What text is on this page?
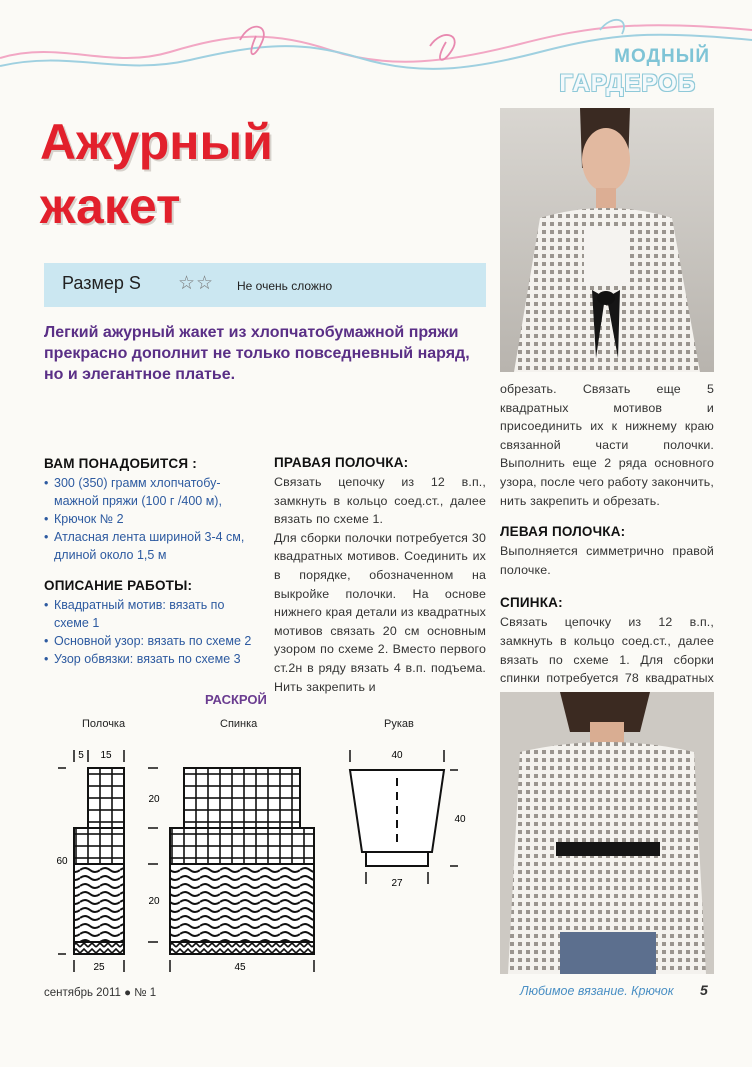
МОДНЫЙ
ГАРДЕРОБ
Ажурный
жакет
Размер S ☆☆ Не очень сложно
Легкий ажурный жакет из хлопчатобумажной пряжи прекрасно дополнит не только повседневный наряд, но и элегантное платье.
ВАМ ПОНАДОБИТСЯ :
• 300 (350) грамм хлопчатобу- мажной пряжи (100 г /400 м),
• Крючок № 2
• Атласная лента шириной 3-4 см, длиной около 1,5 м
ОПИСАНИЕ РАБОТЫ:
• Квадратный мотив: вязать по схеме 1
• Основной узор: вязать по схеме 2
• Узор обвязки: вязать по схеме 3
ПРАВАЯ ПОЛОЧКА:

Связать цепочку из 12 в.п., замкнуть в кольцо соед.ст., далее вязать по схеме 1.

Для сборки полочки потребуется 30 квадратных мотивов. Соединить их в порядке, обозначенном на выкройке полочки. На основе нижнего края детали из квадратных мотивов связать 20 см основным узором по схеме 2. Вместо первого ст.2н в ряду вязать 4 в.п. подъема. Нить закрепить и

обрезать. Связать еще 5 квадратных мотивов и присоединить их к нижнему краю связанной части полочки. Выполнить еще 2 ряда основного узора, после чего работу закончить, нить закрепить и обрезать.

ЛЕВАЯ ПОЛОЧКА:

Выполняется симметрично правой полочке.

СПИНКА:

Связать цепочку из 12 в.п., замкнуть в кольцо соед.ст., далее вязать по схеме 1. Для сборки спинки потребуется 78 квадратных

РАСКРОЙ
Полочка	Спинка	Рукав
5 15
60
25
20
20
45
40
40
27
сентябрь 2011 ● № 1	Любимое вязание. Крючок 5
